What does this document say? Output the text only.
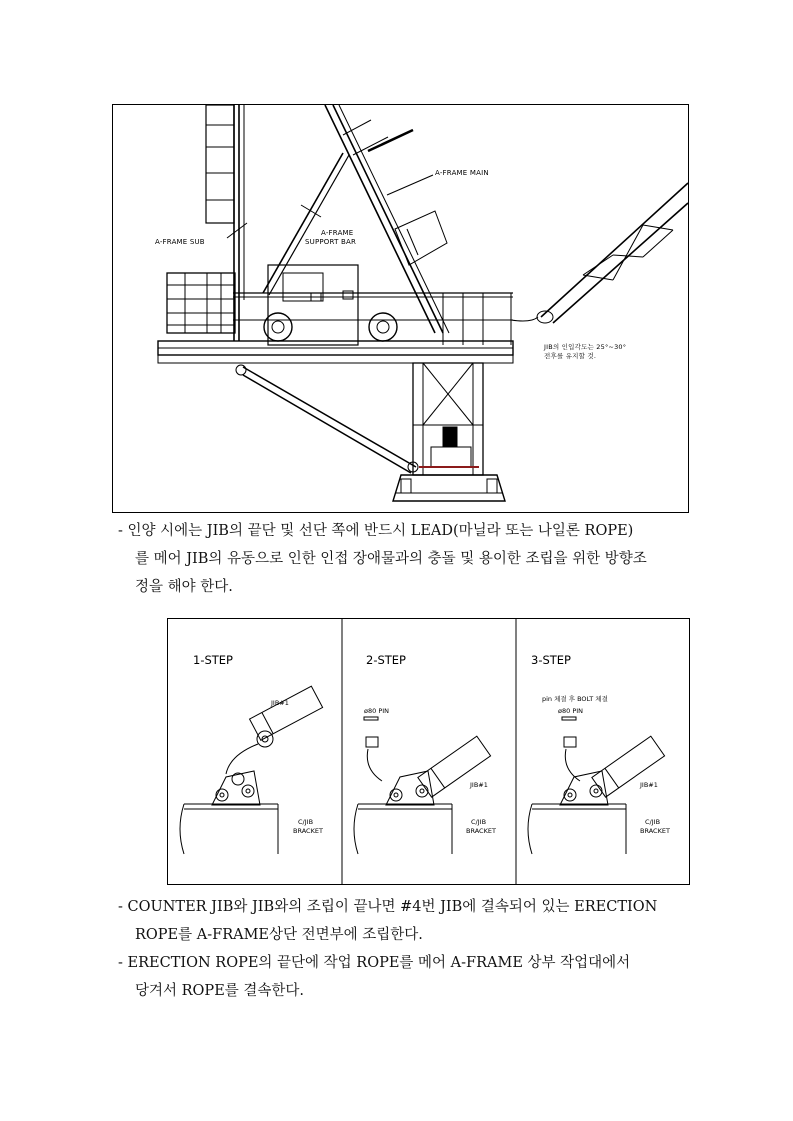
A-FRAME MAIN
A-FRAME SUB
A-FRAME
SUPPORT BAR
JIB의 인입각도는 25°~30°
전후를 유지할 것.
- 인양 시에는 JIB의 끝단 및 선단 쪽에 반드시 LEAD(마닐라 또는 나일론 ROPE)
를 메어 JIB의 유동으로 인한 인접 장애물과의 충돌 및 용이한 조립을 위한 방향조
정을 해야 한다.
1-STEP
JIB#1
C/JIB
BRACKET
2-STEP
ø80 PIN
JIB#1
C/JIB
BRACKET
3-STEP
pin 체결 후 BOLT 체결
ø80 PIN
JIB#1
C/JIB
BRACKET
- COUNTER JIB와 JIB와의 조립이 끝나면 #4번 JIB에 결속되어 있는 ERECTION
ROPE를 A-FRAME상단 전면부에 조립한다.
- ERECTION ROPE의 끝단에 작업 ROPE를 메어 A-FRAME 상부 작업대에서
당겨서 ROPE를 결속한다.
